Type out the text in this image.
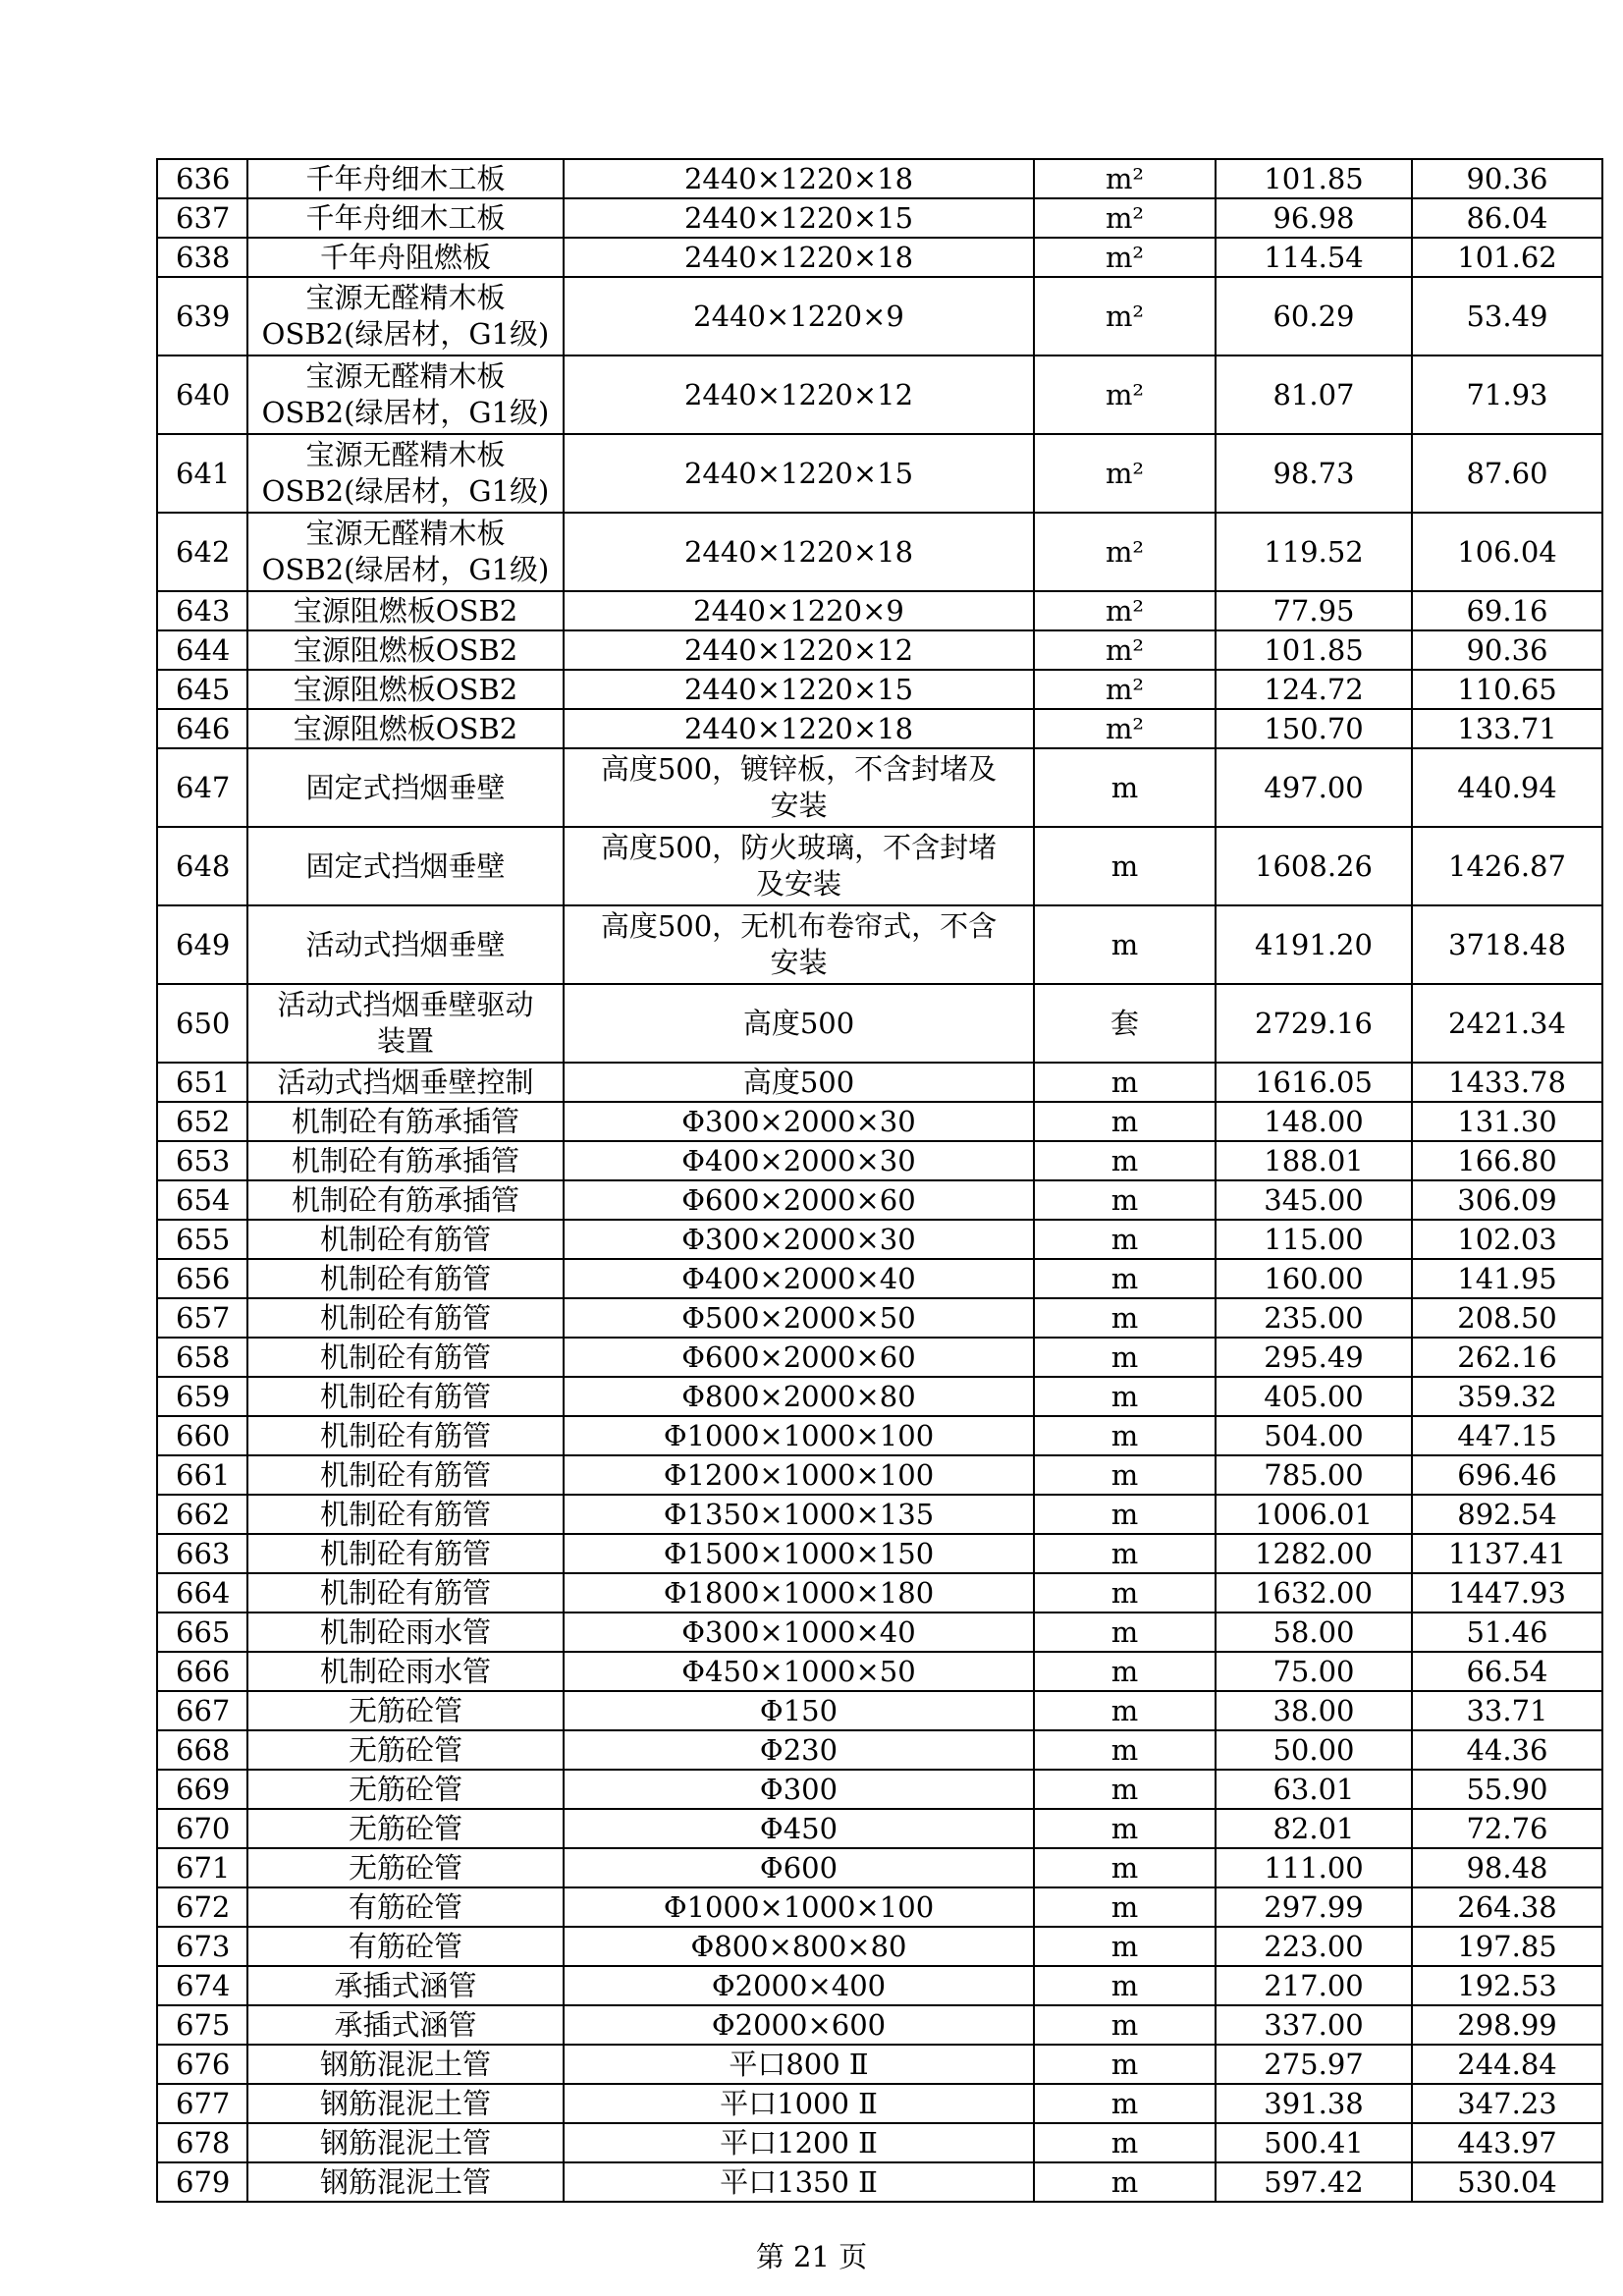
636	千年舟细木工板	2440×1220×18	m²	101.85	90.36
637	千年舟细木工板	2440×1220×15	m²	96.98	86.04
638	千年舟阻燃板	2440×1220×18	m²	114.54	101.62
639	宝源无醛精木板
OSB2(绿居材，G1级)	2440×1220×9	m²	60.29	53.49
640	宝源无醛精木板
OSB2(绿居材，G1级)	2440×1220×12	m²	81.07	71.93
641	宝源无醛精木板
OSB2(绿居材，G1级)	2440×1220×15	m²	98.73	87.60
642	宝源无醛精木板
OSB2(绿居材，G1级)	2440×1220×18	m²	119.52	106.04
643	宝源阻燃板OSB2	2440×1220×9	m²	77.95	69.16
644	宝源阻燃板OSB2	2440×1220×12	m²	101.85	90.36
645	宝源阻燃板OSB2	2440×1220×15	m²	124.72	110.65
646	宝源阻燃板OSB2	2440×1220×18	m²	150.70	133.71
647	固定式挡烟垂壁	高度500，镀锌板，不含封堵及
安装	m	497.00	440.94
648	固定式挡烟垂壁	高度500，防火玻璃，不含封堵
及安装	m	1608.26	1426.87
649	活动式挡烟垂壁	高度500，无机布卷帘式，不含
安装	m	4191.20	3718.48
650	活动式挡烟垂壁驱动
装置	高度500	套	2729.16	2421.34
651	活动式挡烟垂壁控制	高度500	m	1616.05	1433.78
652	机制砼有筋承插管	Φ300×2000×30	m	148.00	131.30
653	机制砼有筋承插管	Φ400×2000×30	m	188.01	166.80
654	机制砼有筋承插管	Φ600×2000×60	m	345.00	306.09
655	机制砼有筋管	Φ300×2000×30	m	115.00	102.03
656	机制砼有筋管	Φ400×2000×40	m	160.00	141.95
657	机制砼有筋管	Φ500×2000×50	m	235.00	208.50
658	机制砼有筋管	Φ600×2000×60	m	295.49	262.16
659	机制砼有筋管	Φ800×2000×80	m	405.00	359.32
660	机制砼有筋管	Φ1000×1000×100	m	504.00	447.15
661	机制砼有筋管	Φ1200×1000×100	m	785.00	696.46
662	机制砼有筋管	Φ1350×1000×135	m	1006.01	892.54
663	机制砼有筋管	Φ1500×1000×150	m	1282.00	1137.41
664	机制砼有筋管	Φ1800×1000×180	m	1632.00	1447.93
665	机制砼雨水管	Φ300×1000×40	m	58.00	51.46
666	机制砼雨水管	Φ450×1000×50	m	75.00	66.54
667	无筋砼管	Φ150	m	38.00	33.71
668	无筋砼管	Φ230	m	50.00	44.36
669	无筋砼管	Φ300	m	63.01	55.90
670	无筋砼管	Φ450	m	82.01	72.76
671	无筋砼管	Φ600	m	111.00	98.48
672	有筋砼管	Φ1000×1000×100	m	297.99	264.38
673	有筋砼管	Φ800×800×80	m	223.00	197.85
674	承插式涵管	Φ2000×400	m	217.00	192.53
675	承插式涵管	Φ2000×600	m	337.00	298.99
676	钢筋混泥土管	平口800 Ⅱ	m	275.97	244.84
677	钢筋混泥土管	平口1000 Ⅱ	m	391.38	347.23
678	钢筋混泥土管	平口1200 Ⅱ	m	500.41	443.97
679	钢筋混泥土管	平口1350 Ⅱ	m	597.42	530.04
第 21 页
